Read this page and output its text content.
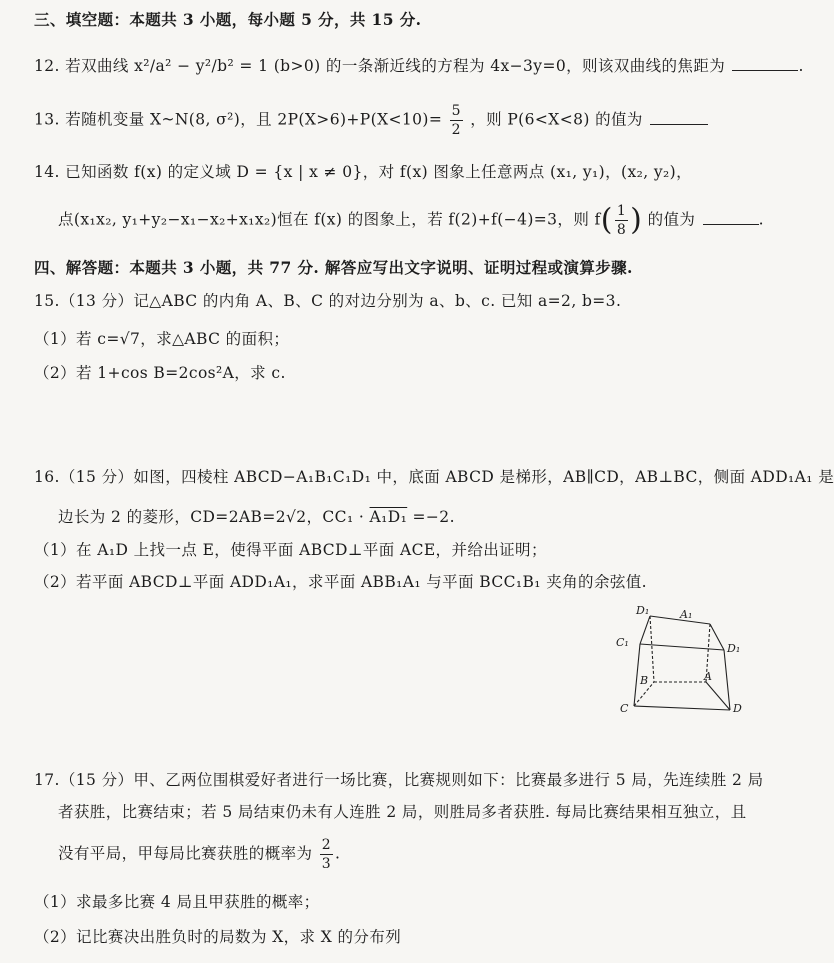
三、填空题：本题共 3 小题，每小题 5 分，共 15 分.
12. 若双曲线 x²/a² − y²/b² = 1 (b>0) 的一条渐近线的方程为 4x−3y=0，则该双曲线的焦距为	.
13. 若随机变量 X~N(8, σ²)，且 $2P(X>6)+P(X<10)= \frac{5}{2}$ ，则 P(6<X<8) 的值为
14. 已知函数 f(x) 的定义域 D = {x | x ≠ 0}，对 f(x) 图象上任意两点 (x₁, y₁)，(x₂, y₂)，
点(x₁x₂, y₁+y₂−x₁−x₂+x₁x₂)恒在 f(x) 的图象上，若 f(2)+f(−4)=3，则 $f( \frac{1}{8}$ ) 的值为	.
四、解答题：本题共 3 小题，共 77 分. 解答应写出文字说明、证明过程或演算步骤.
15.（13 分）记△ABC 的内角 A、B、C 的对边分别为 a、b、c. 已知 a=2, b=3.
（1）若 c=√7，求△ABC 的面积；
（2）若 1+cos B=2cos²A，求 c.
16.（15 分）如图，四棱柱 ABCD−A₁B₁C₁D₁ 中，底面 ABCD 是梯形，AB∥CD，AB⊥BC，侧面 ADD₁A₁ 是
边长为 2 的菱形，CD=2AB=2√2，CC₁ · A₁D₁ =−2.
（1）在 A₁D 上找一点 E，使得平面 ABCD⊥平面 ACE，并给出证明；
（2）若平面 ABCD⊥平面 ADD₁A₁，求平面 ABB₁A₁ 与平面 BCC₁B₁ 夹角的余弦值.
D₁	A₁
C₁	D₁
B	A
C	D
17.（15 分）甲、乙两位围棋爱好者进行一场比赛，比赛规则如下：比赛最多进行 5 局，先连续胜 2 局
者获胜，比赛结束；若 5 局结束仍未有人连胜 2 局，则胜局多者获胜. 每局比赛结果相互独立，且
没有平局，甲每局比赛获胜的概率为 $\frac{2}{3}$ .
（1）求最多比赛 4 局且甲获胜的概率；
（2）记比赛决出胜负时的局数为 X，求 X 的分布列
